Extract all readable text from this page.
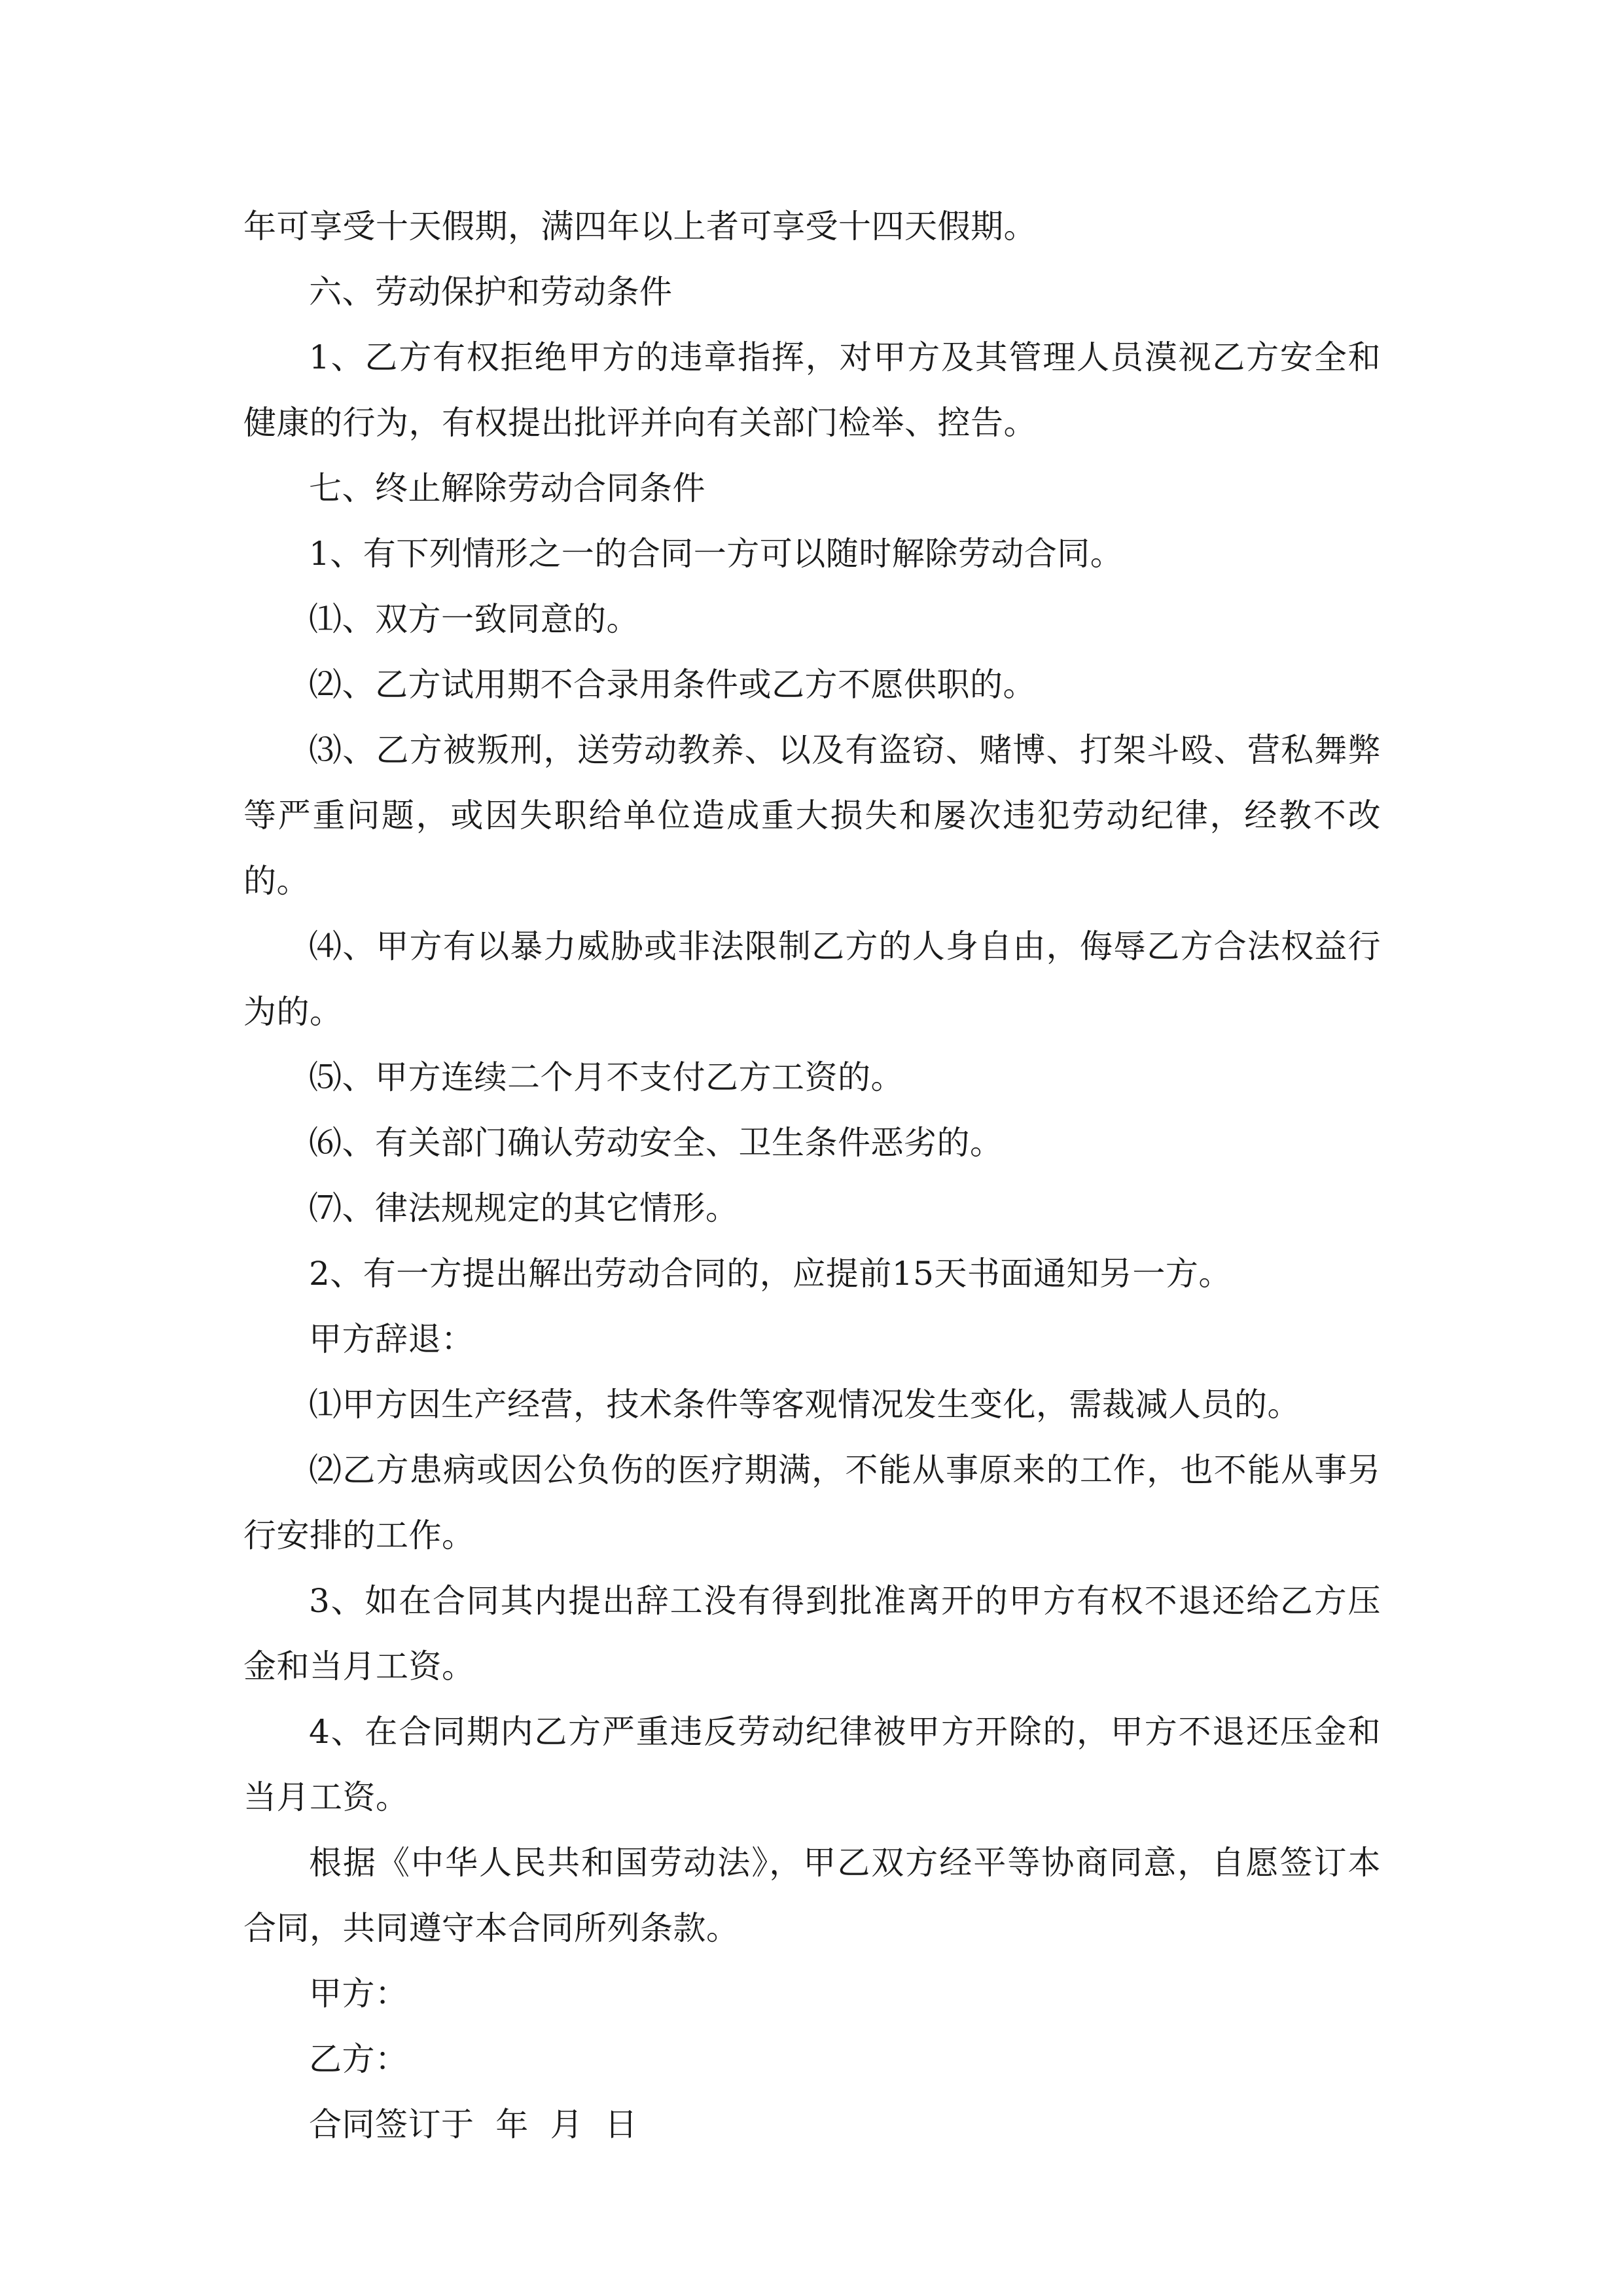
年可享受十天假期，满四年以上者可享受十四天假期。

六、劳动保护和劳动条件

1、乙方有权拒绝甲方的违章指挥，对甲方及其管理人员漠视乙方安全和健康的行为，有权提出批评并向有关部门检举、控告。

七、终止解除劳动合同条件

1、有下列情形之一的合同一方可以随时解除劳动合同。

⑴、双方一致同意的。

⑵、乙方试用期不合录用条件或乙方不愿供职的。

⑶、乙方被叛刑，送劳动教养、以及有盗窃、赌博、打架斗殴、营私舞弊等严重问题，或因失职给单位造成重大损失和屡次违犯劳动纪律，经教不改的。

⑷、甲方有以暴力威胁或非法限制乙方的人身自由，侮辱乙方合法权益行为的。

⑸、甲方连续二个月不支付乙方工资的。

⑹、有关部门确认劳动安全、卫生条件恶劣的。

⑺、律法规规定的其它情形。

2、有一方提出解出劳动合同的，应提前15天书面通知另一方。

甲方辞退：

⑴甲方因生产经营，技术条件等客观情况发生变化，需裁减人员的。

⑵乙方患病或因公负伤的医疗期满，不能从事原来的工作，也不能从事另行安排的工作。

3、如在合同其内提出辞工没有得到批准离开的甲方有权不退还给乙方压金和当月工资。

4、在合同期内乙方严重违反劳动纪律被甲方开除的，甲方不退还压金和当月工资。

根据《中华人民共和国劳动法》，甲乙双方经平等协商同意，自愿签订本合同，共同遵守本合同所列条款。

甲方：

乙方：

合同签订于  年  月  日
